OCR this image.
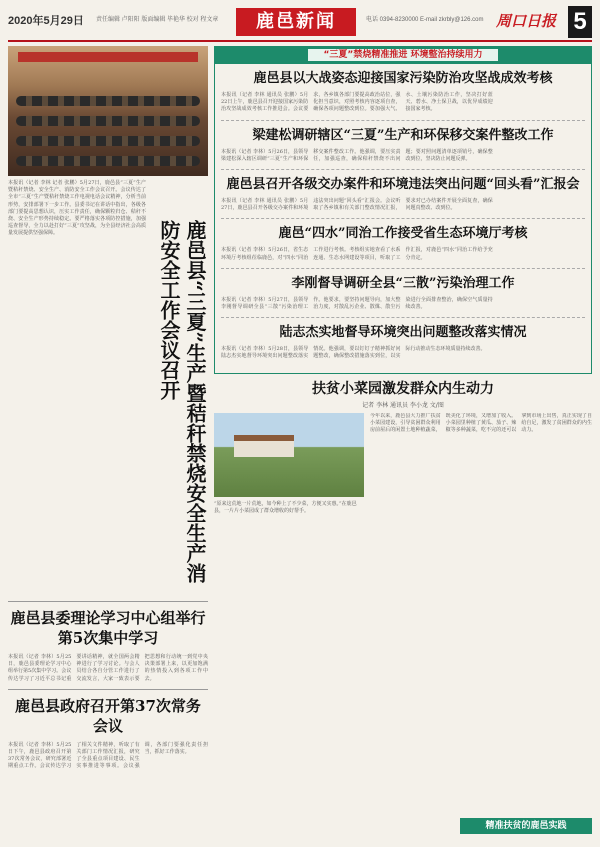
2020年5月29日 责任编辑 卢阳阳 版面编辑 毕艳华 校对 程文章	鹿邑新闻	电话 0394-8230000 E-mail zkrbly@126.com 周口日报 5
本报讯（记者 李林 记者 张鹏）5月27日，鹿邑县“三夏”生产暨秸秆禁烧、安全生产、消防安全工作会议召开。会议传达了全市“三夏”生产暨秸秆禁烧工作电视电话会议精神，分析当前形势，安排部署下一步工作。县委书记在讲话中指出，各级各部门要提高思想认识，压实工作责任，确保颗粒归仓、秸秆不烧、安全生产形势持续稳定。要严格落实各项防控措施，加强巡查督导，全力以赴打好“三夏”攻坚战，为全县经济社会高质量发展提供坚强保障。	鹿邑县“三夏”生产暨秸秆禁烧安全生产消防安全工作会议召开
鹿邑县委理论学习中心组举行第5次集中学习
本报讯（记者 李林）5月25日，鹿邑县委理论学习中心组举行第5次集中学习。会议传达学习了习近平总书记重要讲话精神，就全国两会精神进行了学习讨论。与会人员结合各自分管工作进行了交流发言，大家一致表示要把思想和行动统一到党中央决策部署上来，以更加饱满的热情投入到各项工作中去。
鹿邑县政府召开第37次常务会议
本报讯（记者 李林）5月25日下午，鹿邑县政府召开第37次常务会议，研究部署近期重点工作。会议传达学习了相关文件精神，听取了有关部门工作情况汇报，研究了全县重点项目建设、民生实事推进等事项。会议强调，各部门要强化责任担当，抓好工作落实。
“三夏”禁烧精准推进 环境整治持续用力
鹿邑县以大战姿态迎接国家污染防治攻坚战成效考核
本报讯（记者 李林 通讯员 张鹏）5月22日上午，鹿邑县召开迎接国家污染防治攻坚战成效考核工作推进会。会议要求，各乡镇各部门要提高政治站位，强化担当意识，对照考核内容逐项自查，确保各项问题整改到位。要加强大气、水、土壤污染防治工作，坚决打好蓝天、碧水、净土保卫战，以优异成绩迎接国家考核。
梁建松调研辖区“三夏”生产和环保移交案件整改工作
本报讯（记者 李林）5月26日，县领导梁建松深入辖区调研“三夏”生产和环保移交案件整改工作。他强调，要压实责任，加强巡查，确保秸秆禁烧不出问题；要对照问题清单逐项销号，确保整改到位，坚决防止问题反弹。
鹿邑县召开各级交办案件和环境违法突出问题“回头看”汇报会
本报讯（记者 李林 通讯员 张鹏）5月27日，鹿邑县召开各级交办案件和环境违法突出问题“回头看”汇报会。会议听取了各乡镇和有关部门整改情况汇报，要求对已办结案件开展全面复查，确保问题真整改、改到位。
鹿邑“四水”同治工作接受省生态环境厅考核
本报讯（记者 李林）5月26日，省生态环境厅考核组莅临鹿邑，对“四水”同治工作进行考核。考核组实地查看了水系连通、生态水网建设等项目，听取了工作汇报，对鹿邑“四水”同治工作给予充分肯定。
李刚督导调研全县“三散”污染治理工作
本报讯（记者 李林）5月27日，县领导李刚督导调研全县“三散”污染治理工作。他要求，要坚持问题导向，加大整治力度，对散乱污企业、散煤、散尘污染进行全面排查整治，确保空气质量持续改善。
陆志杰实地督导环境突出问题整改落实情况
本报讯（记者 李林）5月28日，县领导陆志杰实地督导环境突出问题整改落实情况。他强调，要以钉钉子精神抓好问题整改，确保整改措施落实到位，以实际行动推动生态环境质量持续改善。
扶贫小菜园激发群众内生动力
记者 李林 通讯员 李小龙 文/图
“原来这荒地一片荒地，如今种上了不少菜，方便又实惠。”在鹿邑县，一片片小菜园成了群众增收的好帮手。
今年以来，鹿邑县大力推广扶贫小菜园建设，引导贫困群众利用房前屋后的闲置土地种植蔬菜，既美化了环境，又增加了收入。小菜园里种植了黄瓜、茄子、辣椒等多种蔬菜，吃不完的还可以拿到市场上出售，真正实现了自给自足，激发了贫困群众的内生动力。
精准扶贫的鹿邑实践
